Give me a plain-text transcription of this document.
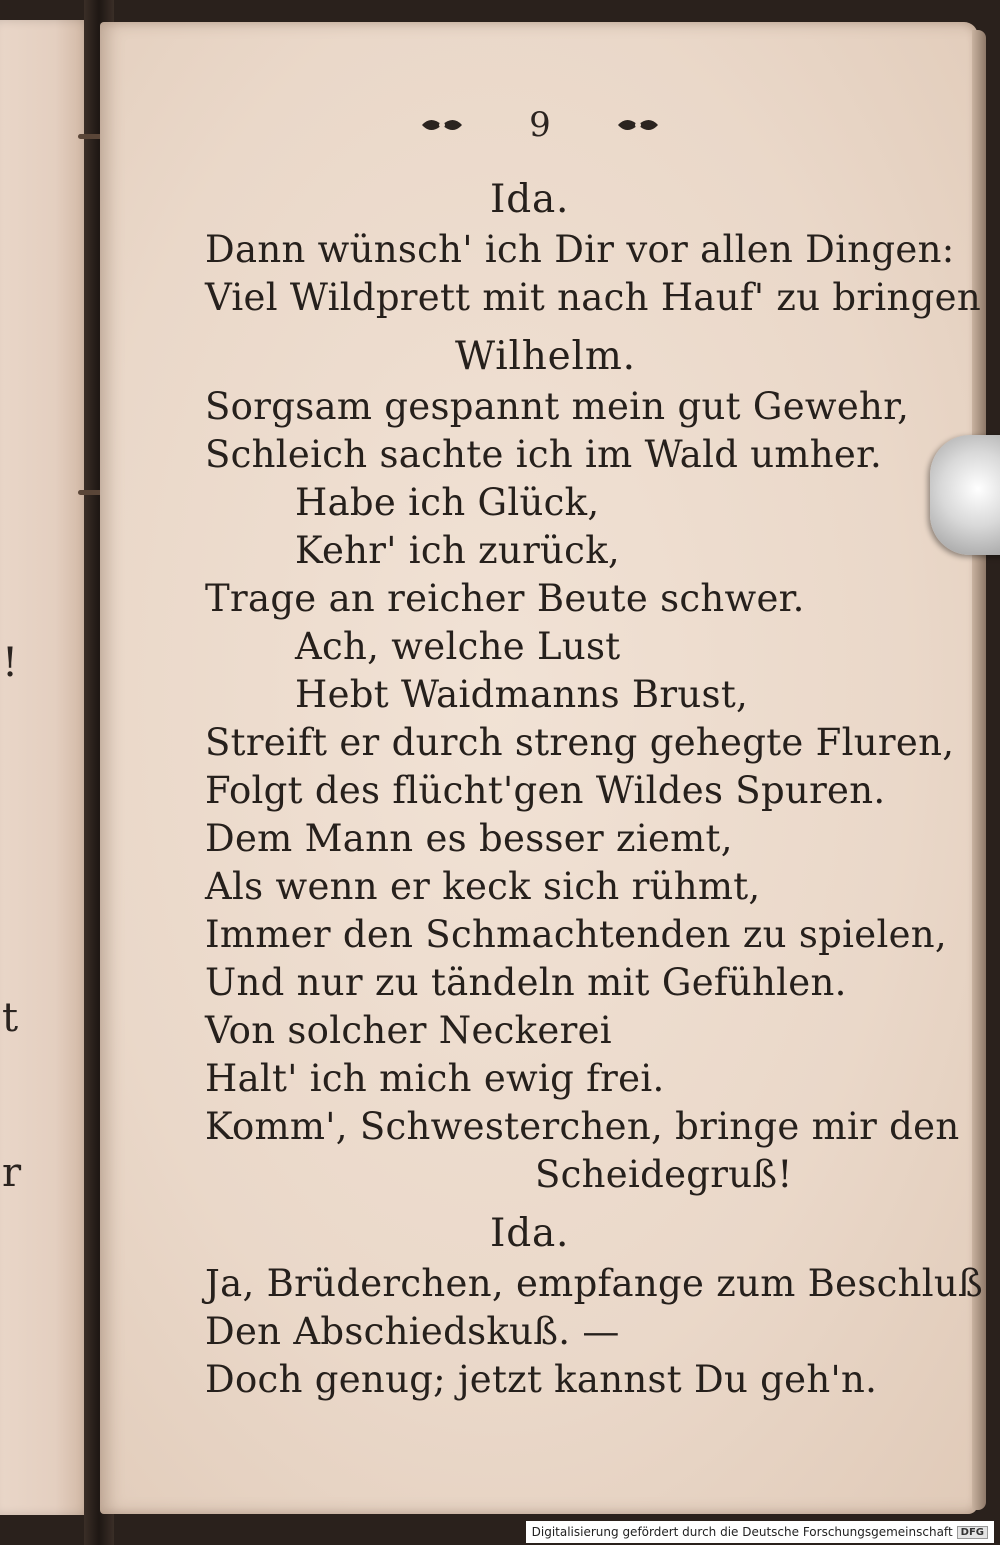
!
t
r
9
Ida.
Dann wünsch' ich Dir vor allen Dingen:
Viel Wildprett mit nach Hauf' zu bringen
Wilhelm.
Sorgsam gespannt mein gut Gewehr,
Schleich sachte ich im Wald umher.
Habe ich Glück,
Kehr' ich zurück,
Trage an reicher Beute schwer.
Ach, welche Lust
Hebt Waidmanns Brust,
Streift er durch streng gehegte Fluren,
Folgt des flücht'gen Wildes Spuren.
Dem Mann es besser ziemt,
Als wenn er keck sich rühmt,
Immer den Schmachtenden zu spielen,
Und nur zu tändeln mit Gefühlen.
Von solcher Neckerei
Halt' ich mich ewig frei.
Komm', Schwesterchen, bringe mir den
Scheidegruß!
Ida.
Ja, Brüderchen, empfange zum Beschluß
Den Abschiedskuß. —
Doch genug; jetzt kannst Du geh'n.
Digitalisierung gefördert durch die Deutsche Forschungsgemeinschaft DFG
